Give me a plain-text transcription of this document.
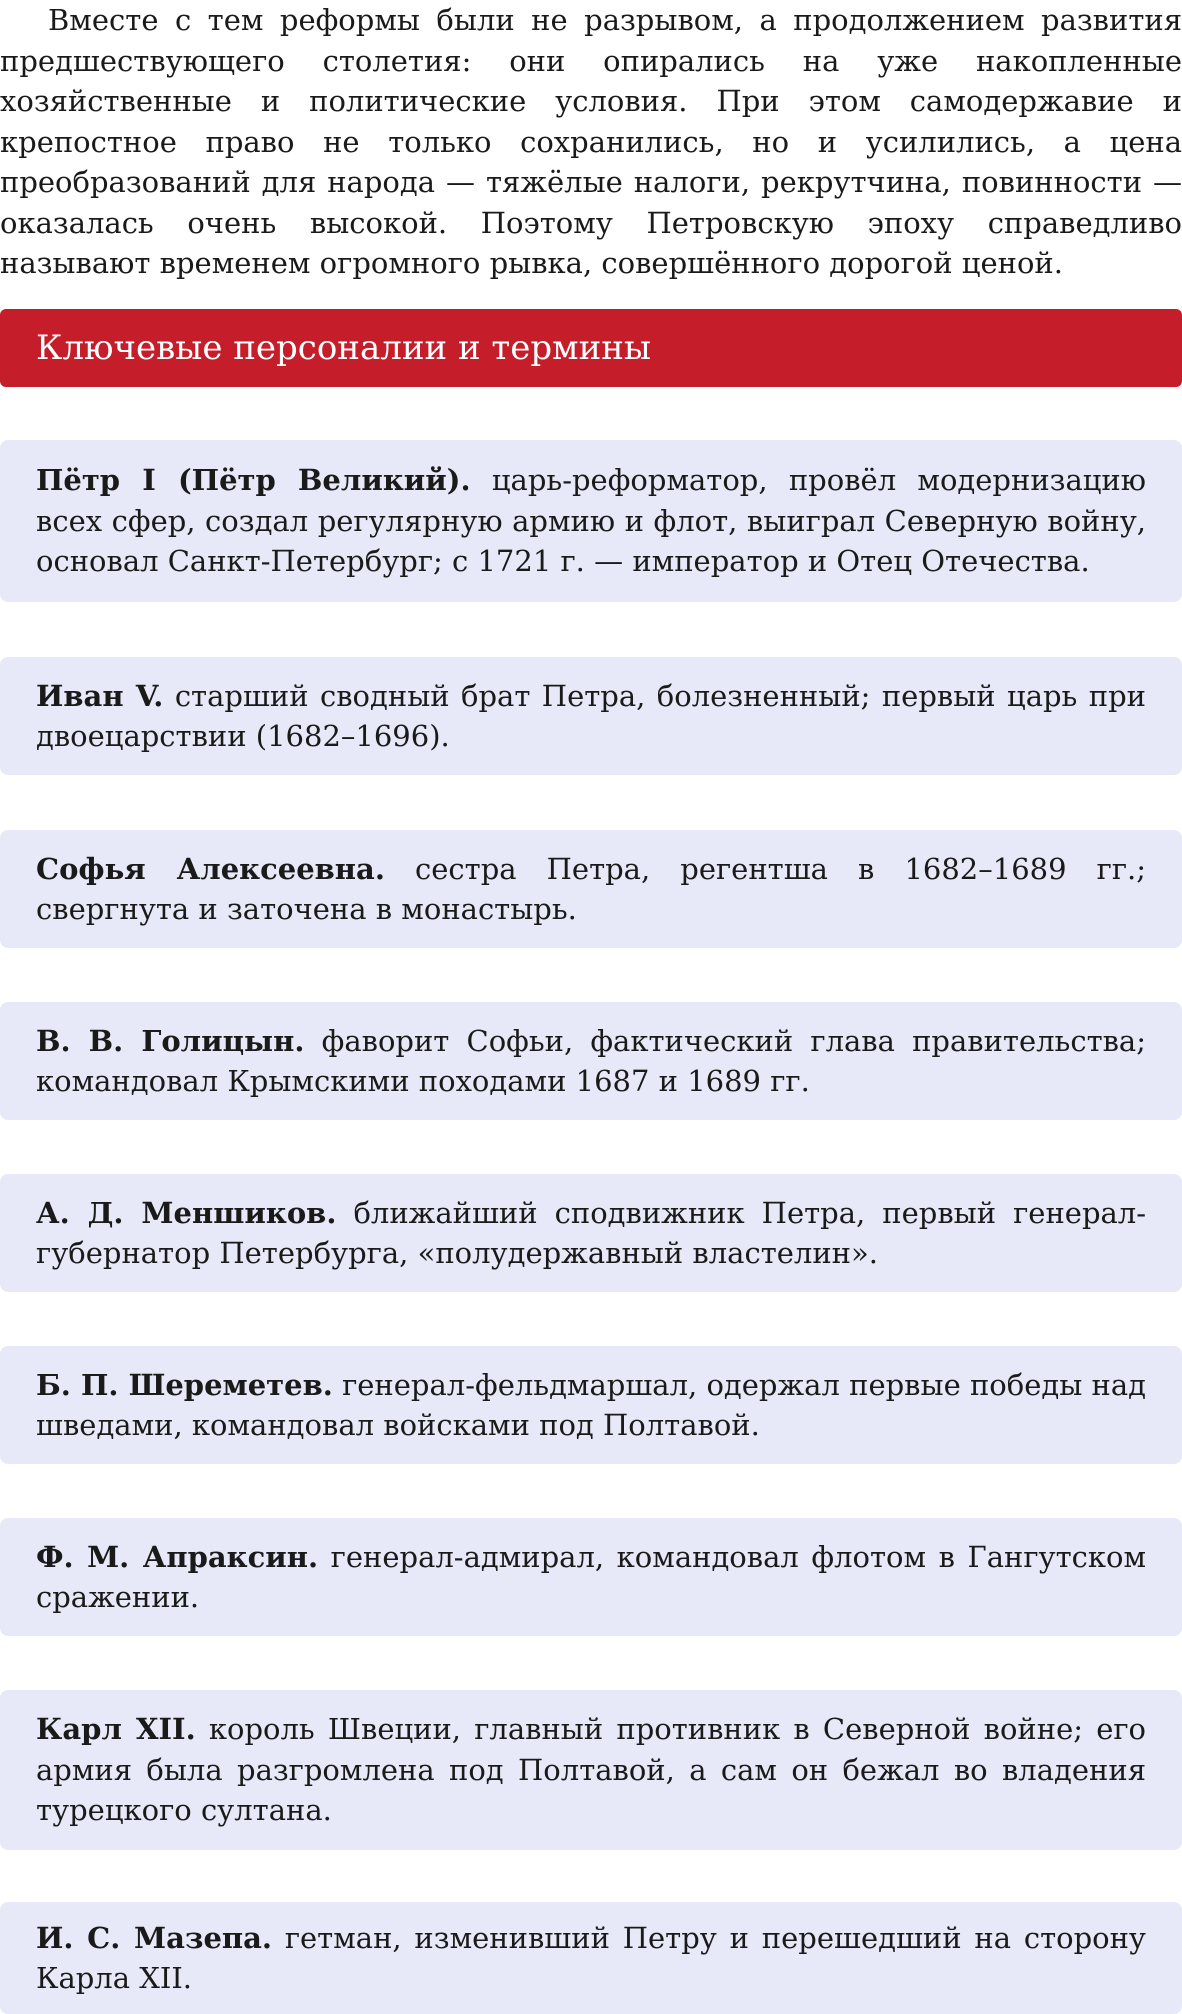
Вместе с тем реформы были не разрывом, а продолжением развития предшествующего столетия: они опирались на уже накопленные хозяйственные и политические условия. При этом самодержавие и крепостное право не только сохранились, но и усилились, а цена преобразований для народа — тяжёлые налоги, рекрутчина, повинности — оказалась очень высокой. Поэтому Петровскую эпоху справедливо называют временем огромного рывка, совершённого дорогой ценой.

Ключевые персоналии и термины

Пётр I (Пётр Великий). царь-реформатор, провёл модернизацию всех сфер, создал регулярную армию и флот, выиграл Северную войну, основал Санкт-Петербург; с 1721 г. — император и Отец Отечества.

Иван V. старший сводный брат Петра, болезненный; первый царь при двоецарствии (1682–1696).

Софья Алексеевна. сестра Петра, регентша в 1682–1689 гг.; свергнута и заточена в монастырь.

В. В. Голицын. фаворит Софьи, фактический глава правительства; командовал Крымскими походами 1687 и 1689 гг.

А. Д. Меншиков. ближайший сподвижник Петра, первый генерал-губернатор Петербурга, «полудержавный властелин».

Б. П. Шереметев. генерал-фельдмаршал, одержал первые победы над шведами, командовал войсками под Полтавой.

Ф. М. Апраксин. генерал-адмирал, командовал флотом в Гангутском сражении.

Карл XII. король Швеции, главный противник в Северной войне; его армия была разгромлена под Полтавой, а сам он бежал во владения турецкого султана.

И. С. Мазепа. гетман, изменивший Петру и перешедший на сторону Карла XII.
